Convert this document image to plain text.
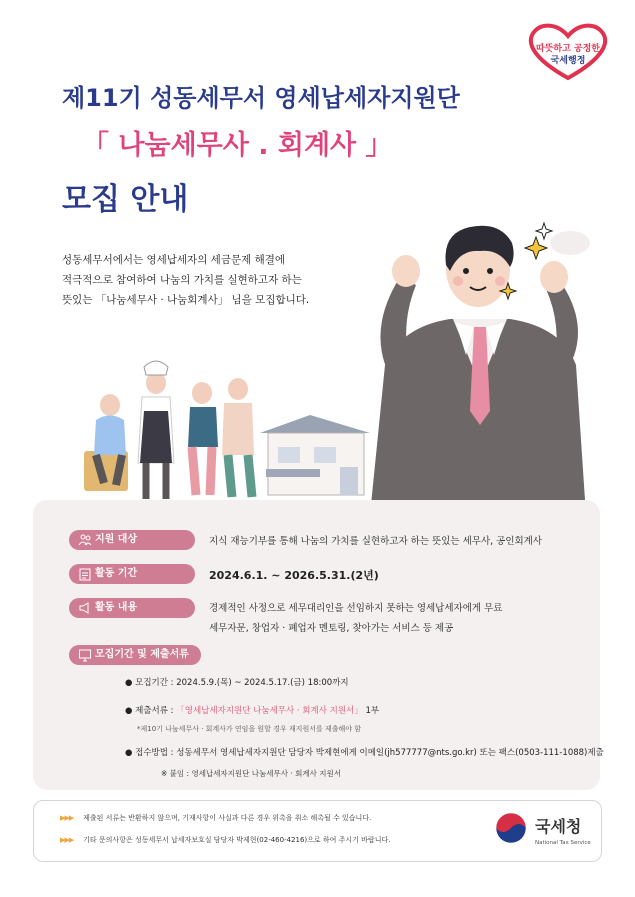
따뜻하고 공정한
국세행정
제11기 성동세무서 영세납세자지원단
「 나눔세무사 . 회계사 」
모집 안내
성동세무서에서는 영세납세자의 세금문제 해결에
적극적으로 참여하여 나눔의 가치를 실현하고자 하는
뜻있는 「나눔세무사 · 나눔회계사」 님을 모집합니다.
지원 대상	지식 재능기부를 통해 나눔의 가치를 실현하고자 하는 뜻있는 세무사, 공인회계사
활동 기간	2024.6.1. ~ 2026.5.31.(2년)
활동 내용	경제적인 사정으로 세무대리인을 선임하지 못하는 영세납세자에게 무료
세무자문, 창업자 · 폐업자 멘토링, 찾아가는 서비스 등 제공
모집기간 및 제출서류
● 모집기간 : 2024.5.9.(목) ~ 2024.5.17.(금) 18:00까지
● 제출서류 : 「영세납세자지원단 나눔세무사 · 회계사 지원서」 1부
*제10기 나눔세무사 · 회계사가 연임을 원할 경우 재지원서를 제출해야 함
● 접수방법 : 성동세무서 영세납세자지원단 담당자 박제현에게 이메일(jh577777@nts.go.kr) 또는 팩스(0503-111-1088)제출
※ 붙임 : 영세납세자지원단 나눔세무사 · 회계사 지원서
▶▶▶ 제출된 서류는 반환하지 않으며, 기재사항이 사실과 다른 경우 위촉을 취소 해촉될 수 있습니다.
▶▶▶ 기타 문의사항은 성동세무서 납세자보호실 담당자 박제현(02-460-4216)으로 하여 주시기 바랍니다.
국세청
National Tax Service
